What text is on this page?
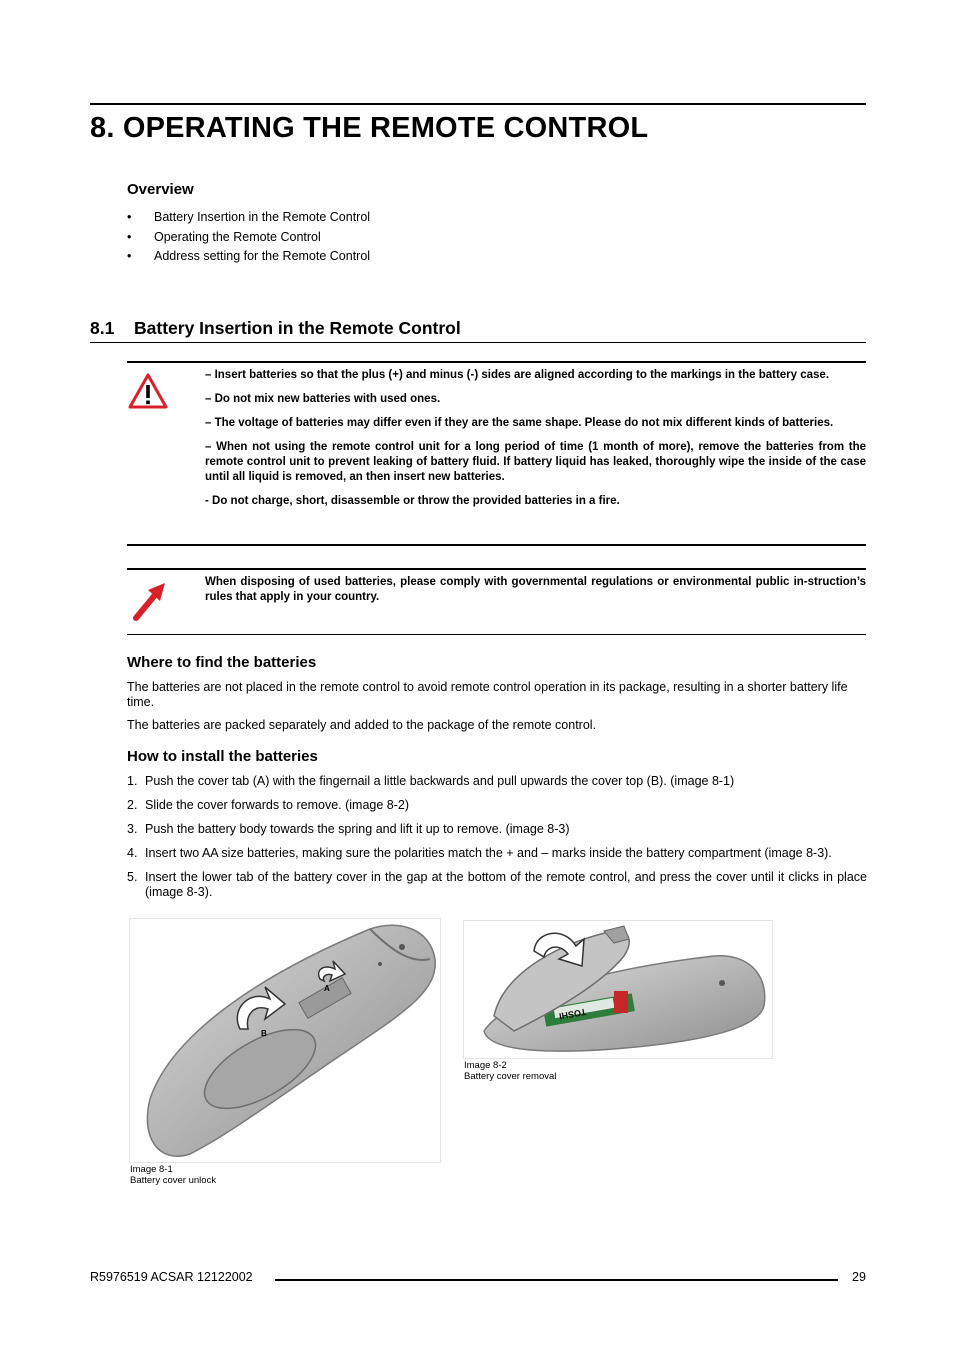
8. OPERATING THE REMOTE CONTROL
Overview
• Battery Insertion in the Remote Control
• Operating the Remote Control
• Address setting for the Remote Control
8.1 Battery Insertion in the Remote Control

– Insert batteries so that the plus (+) and minus (-) sides are aligned according to the markings in the battery case.

– Do not mix new batteries with used ones.

– The voltage of batteries may differ even if they are the same shape. Please do not mix different kinds of batteries.

– When not using the remote control unit for a long period of time (1 month of more), remove the batteries from the remote control unit to prevent leaking of battery fluid. If battery liquid has leaked, thoroughly wipe the inside of the case until all liquid is removed, an then insert new batteries.

- Do not charge, short, disassemble or throw the provided batteries in a fire.

When disposing of used batteries, please comply with governmental regulations or environmental public in-struction’s rules that apply in your country.
Where to find the batteries

The batteries are not placed in the remote control to avoid remote control operation in its package, resulting in a shorter battery life time.

The batteries are packed separately and added to the package of the remote control.

How to install the batteries
1. Push the cover tab (A) with the fingernail a little backwards and pull upwards the cover top (B). (image 8-1)
2. Slide the cover forwards to remove. (image 8-2)
3. Push the battery body towards the spring and lift it up to remove. (image 8-3)
4. Insert two AA size batteries, making sure the polarities match the + and – marks inside the battery compartment (image 8-3).
5. Insert the lower tab of the battery cover in the gap at the bottom of the remote control, and press the cover until it clicks in place (image 8-3).
A
B
Image 8-1
Battery cover unlock
TOSHI
Image 8-2
Battery cover removal
R5976519 ACSAR 12122002	29
